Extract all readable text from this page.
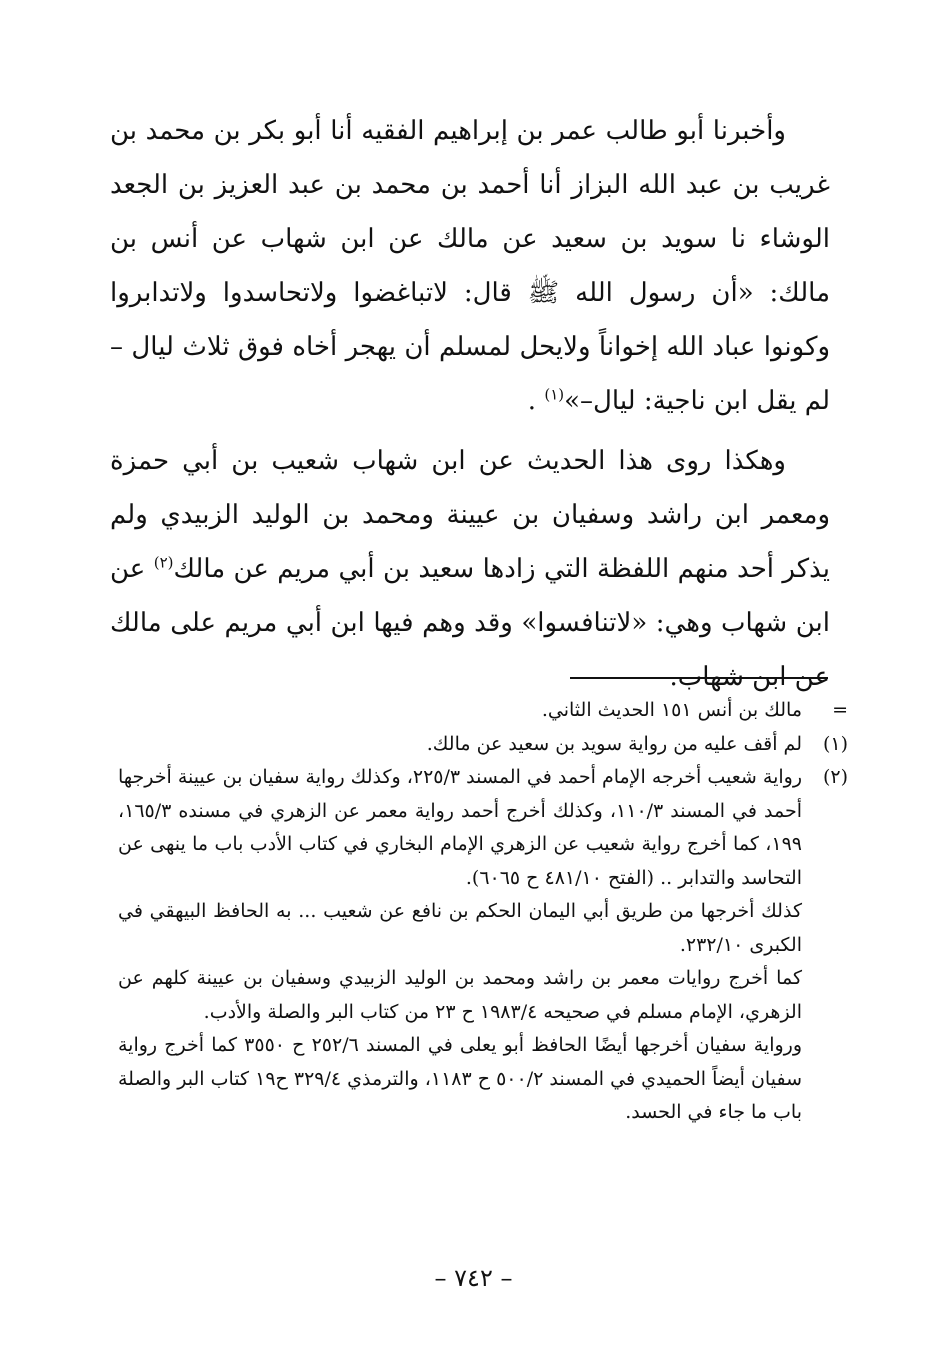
وأخبرنا أبو طالب عمر بن إبراهيم الفقيه أنا أبو بكر بن محمد بن غريب بن عبد الله البزاز أنا أحمد بن محمد بن عبد العزيز بن الجعد الوشاء نا سويد بن سعيد عن مالك عن ابن شهاب عن أنس بن مالك: «أن رسول الله ﷺ قال: لاتباغضوا ولاتحاسدوا ولاتدابروا وكونوا عباد الله إخواناً ولايحل لمسلم أن يهجر أخاه فوق ثلاث ليال – لم يقل ابن ناجية: ليال–»$^{(١)}$ .

وهكذا روى هذا الحديث عن ابن شهاب شعيب بن أبي حمزة ومعمر ابن راشد وسفيان بن عيينة ومحمد بن الوليد الزبيدي ولم يذكر أحد منهم اللفظة التي زادها سعيد بن أبي مريم عن مالك$^{(٢)}$ عن ابن شهاب وهي: «لاتنافسوا» وقد وهم فيها ابن أبي مريم على مالك عن ابن شهاب.

=
مالك بن أنس ١٥١ الحديث الثاني.
(١)
لم أقف عليه من رواية سويد بن سعيد عن مالك.
(٢)
رواية شعيب أخرجه الإمام أحمد في المسند ٢٢٥/٣، وكذلك رواية سفيان بن عيينة أخرجها أحمد في المسند ١١٠/٣، وكذلك أخرج أحمد رواية معمر عن الزهري في مسنده ١٦٥/٣، ١٩٩، كما أخرج رواية شعيب عن الزهري الإمام البخاري في كتاب الأدب باب ما ينهى عن التحاسد والتدابر .. (الفتح ٤٨١/١٠ ح ٦٠٦٥).
كذلك أخرجها من طريق أبي اليمان الحكم بن نافع عن شعيب ... به الحافظ البيهقي في الكبرى ٢٣٢/١٠.
كما أخرج روايات معمر بن راشد ومحمد بن الوليد الزبيدي وسفيان بن عيينة كلهم عن الزهري، الإمام مسلم في صحيحه ١٩٨٣/٤ ح ٢٣ من كتاب البر والصلة والأدب.
ورواية سفيان أخرجها أيضًا الحافظ أبو يعلى في المسند ٢٥٢/٦ ح ٣٥٥٠ كما أخرج رواية سفيان أيضاً الحميدي في المسند ٥٠٠/٢ ح ١١٨٣، والترمذي ٣٢٩/٤ ح١٩ كتاب البر والصلة باب ما جاء في الحسد.
– ٧٤٢ –
